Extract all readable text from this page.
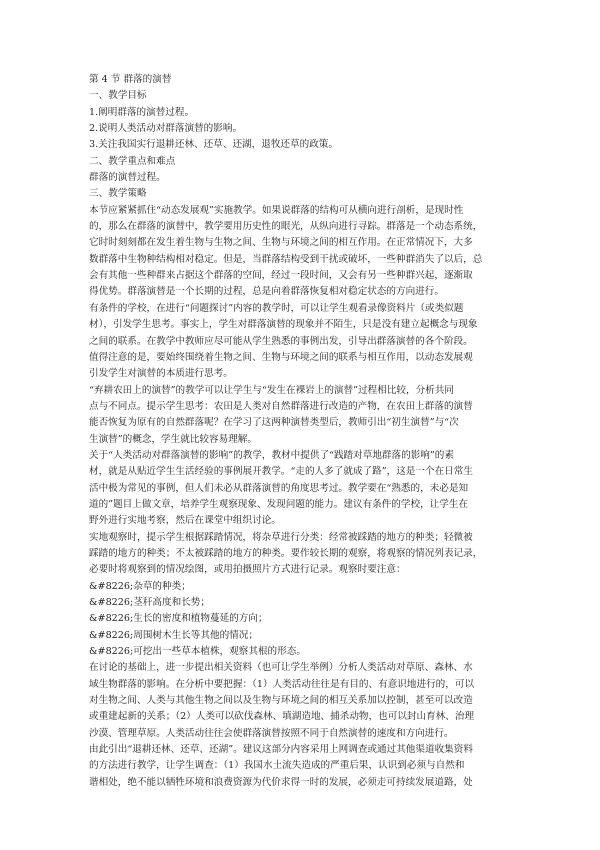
第 4 节 群落的演替
一、教学目标
1.阐明群落的演替过程。
2.说明人类活动对群落演替的影响。
3.关注我国实行退耕还林、还草、还湖，退牧还草的政策。
二、教学重点和难点
群落的演替过程。
三、教学策略
本节应紧紧抓住“动态发展观”实施教学。如果说群落的结构可从横向进行剖析，是现时性
的，那么在群落的演替中，教学要用历史性的眼光，从纵向进行寻踪。群落是一个动态系统，
它时时刻刻都在发生着生物与生物之间、生物与环境之间的相互作用。在正常情况下，大多
数群落中生物种结构相对稳定。但是，当群落结构受到干扰或破坏，一些种群消失了以后，总
会有其他一些种群来占据这个群落的空间，经过一段时间，又会有另一些种群兴起，逐渐取
得优势。群落演替是一个长期的过程，总是向着群落恢复相对稳定状态的方向进行。
有条件的学校，在进行“问题探讨”内容的教学时，可以让学生观看录像资料片（或类似题
材），引发学生思考。事实上，学生对群落演替的现象并不陌生，只是没有建立起概念与现象
之间的联系。在教学中教师应尽可能从学生熟悉的事例出发，引导出群落演替的各个阶段。
值得注意的是，要始终围绕着生物之间、生物与环境之间的联系与相互作用，以动态发展观
引发学生对演替的本质进行思考。
“弃耕农田上的演替”的教学可以让学生与“发生在裸岩上的演替”过程相比较，分析共同
点与不同点。提示学生思考：农田是人类对自然群落进行改造的产物，在农田上群落的演替
能否恢复为原有的自然群落呢？在学习了这两种演替类型后，教师引出“初生演替”与“次
生演替”的概念，学生就比较容易理解。
关于“人类活动对群落演替的影响”的教学，教材中提供了“践踏对草地群落的影响”的素
材，就是从贴近学生生活经验的事例展开教学。“走的人多了就成了路”，这是一个在日常生
活中极为常见的事例，但人们未必从群落演替的角度思考过。教学要在“熟悉的，未必是知
道的”题目上做文章，培养学生观察现象、发现问题的能力。建议有条件的学校，让学生在
野外进行实地考察，然后在课堂中组织讨论。
实地观察时，提示学生根据踩踏情况，将杂草进行分类：经常被踩踏的地方的种类；轻微被
踩踏的地方的种类；不太被踩踏的地方的种类。要作较长期的观察，将观察的情况列表记录，
必要时将观察到的情况绘图，或用拍摄照片方式进行记录。观察时要注意：
&#8226;杂草的种类；
&#8226;茎秆高度和长势；
&#8226;生长的密度和植物蔓延的方向；
&#8226;周围树木生长等其他的情况；
&#8226;可挖出一些草本植株，观察其根的形态。
在讨论的基础上，进一步提出相关资料（也可让学生举例）分析人类活动对草原、森林、水
域生物群落的影响。在分析中要把握：（1）人类活动往往是有目的、有意识地进行的，可以
对生物之间、人类与其他生物之间以及生物与环境之间的相互关系加以控制，甚至可以改造
或重建起新的关系；（2）人类可以砍伐森林、填湖造地、捕杀动物，也可以封山育林、治理
沙漠、管理草原。人类活动往往会使群落演替按照不同于自然演替的速度和方向进行。
由此引出“退耕还林、还草、还湖”。建议这部分内容采用上网调查或通过其他渠道收集资料
的方法进行教学，让学生调查：（1）我国水土流失造成的严重后果，认识到必须与自然和
谐相处，绝不能以牺牲环境和浪费资源为代价求得一时的发展，必须走可持续发展道路，处
